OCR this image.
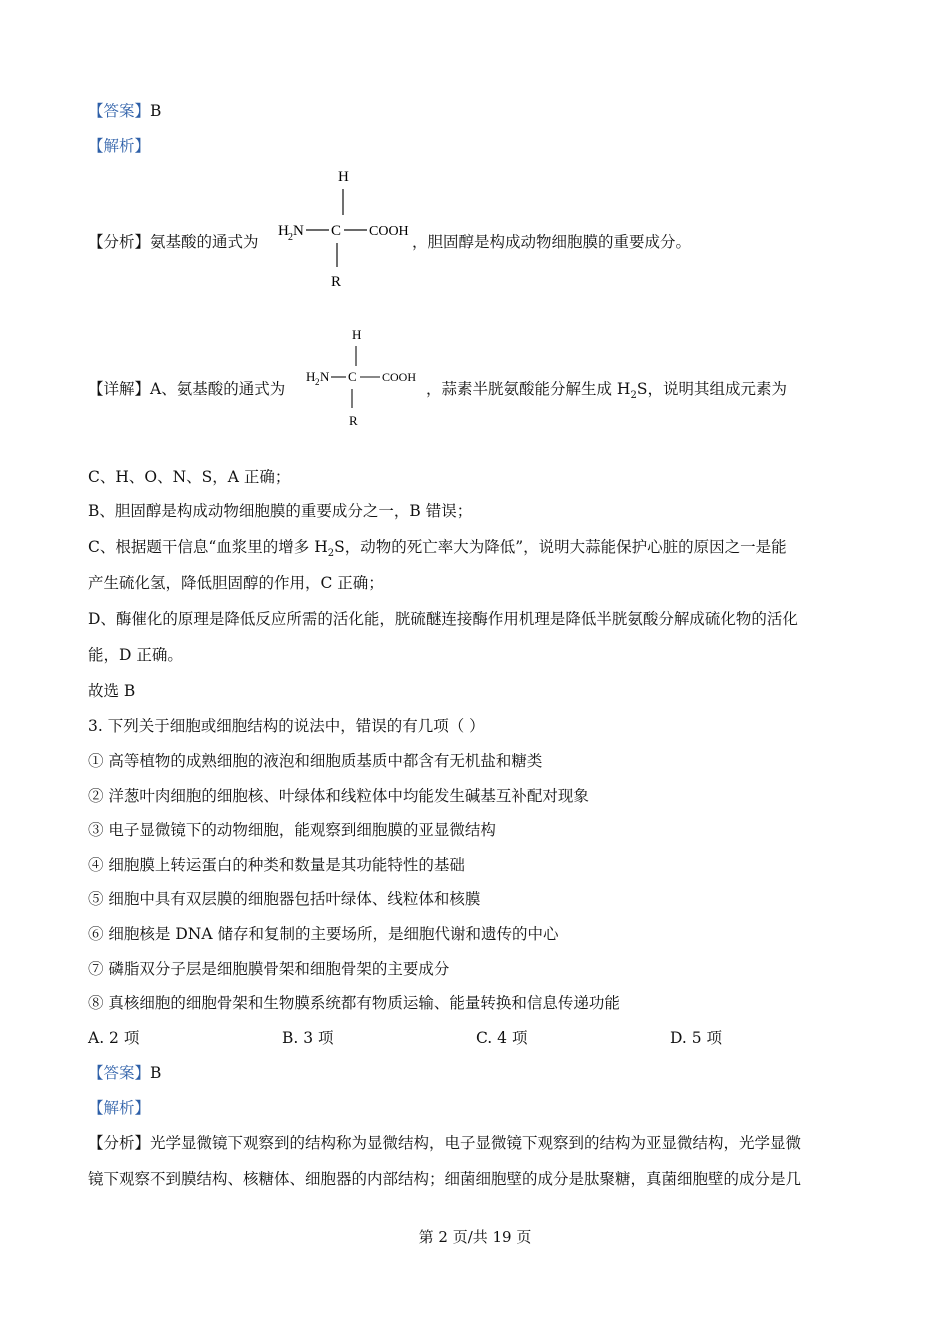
【答案】B
【解析】
【分析】氨基酸的通式为
H
H 2 N C COOH
R
，胆固醇是构成动物细胞膜的重要成分。
【详解】A、氨基酸的通式为
H
H 2 N C COOH
R
，蒜素半胱氨酸能分解生成 $H_2S$，说明其组成元素为
C、H、O、N、S，A 正确；
B、胆固醇是构成动物细胞膜的重要成分之一，B 错误；
C、根据题干信息“血浆里的增多 $H_2S$，动物的死亡率大为降低”，说明大蒜能保护心脏的原因之一是能
产生硫化氢，降低胆固醇的作用，C 正确；
D、酶催化的原理是降低反应所需的活化能，胱硫醚连接酶作用机理是降低半胱氨酸分解成硫化物的活化
能，D 正确。
故选 B
3. 下列关于细胞或细胞结构的说法中，错误的有几项（ ）
① 高等植物的成熟细胞的液泡和细胞质基质中都含有无机盐和糖类
② 洋葱叶肉细胞的细胞核、叶绿体和线粒体中均能发生碱基互补配对现象
③ 电子显微镜下的动物细胞，能观察到细胞膜的亚显微结构
④ 细胞膜上转运蛋白的种类和数量是其功能特性的基础
⑤ 细胞中具有双层膜的细胞器包括叶绿体、线粒体和核膜
⑥ 细胞核是 DNA 储存和复制的主要场所，是细胞代谢和遗传的中心
⑦ 磷脂双分子层是细胞膜骨架和细胞骨架的主要成分
⑧ 真核细胞的细胞骨架和生物膜系统都有物质运输、能量转换和信息传递功能
A. 2 项	B. 3 项	C. 4 项	D. 5 项
【答案】B
【解析】
【分析】光学显微镜下观察到的结构称为显微结构，电子显微镜下观察到的结构为亚显微结构，光学显微
镜下观察不到膜结构、核糖体、细胞器的内部结构；细菌细胞壁的成分是肽聚糖，真菌细胞壁的成分是几
第 2 页/共 19 页
